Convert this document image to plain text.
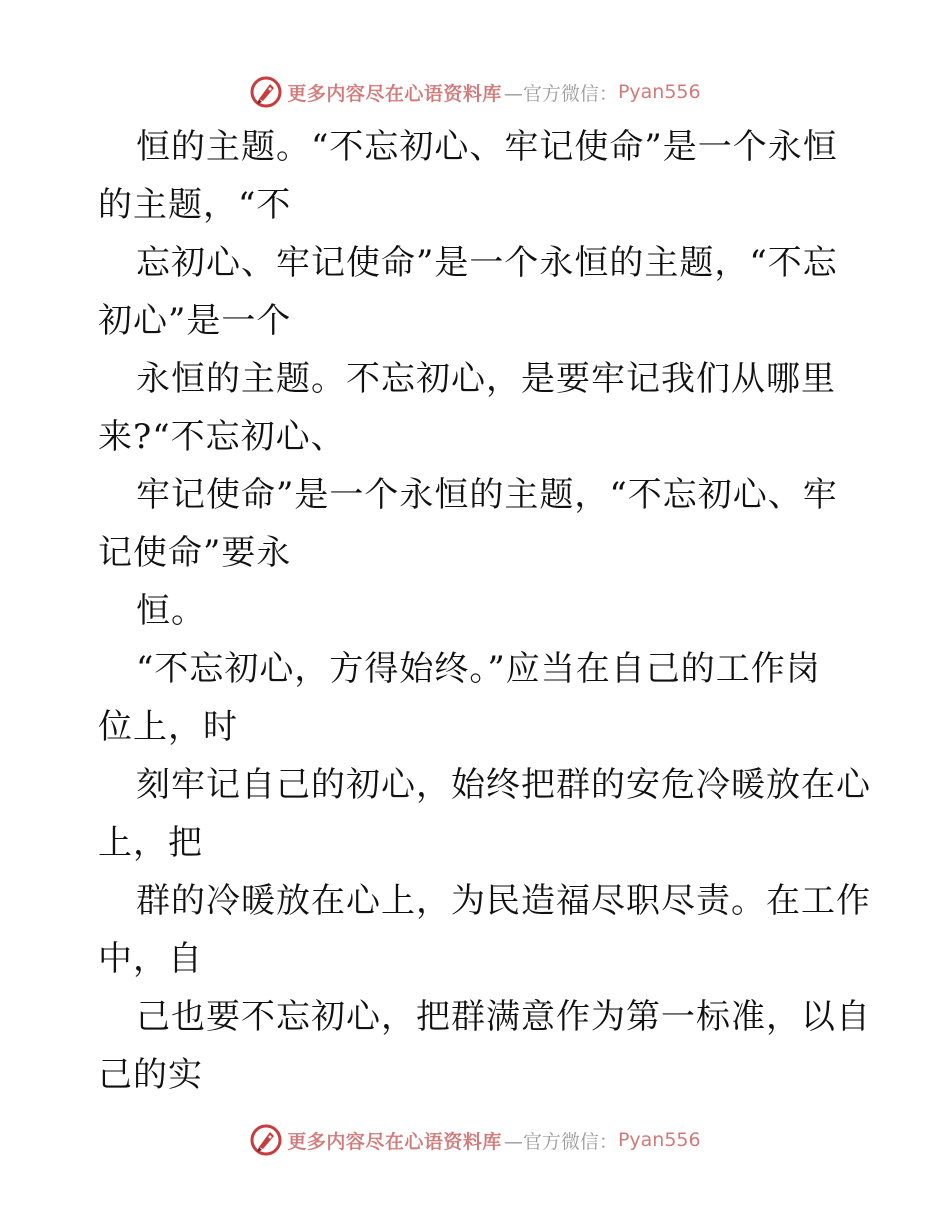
更多内容尽在心语资料库 —官方微信： Pyan556
恒的主题。“不忘初心、牢记使命”是一个永恒
的主题，“不
忘初心、牢记使命”是一个永恒的主题，“不忘
初心”是一个
永恒的主题。不忘初心，是要牢记我们从哪里
来?“不忘初心、
牢记使命”是一个永恒的主题，“不忘初心、牢
记使命”要永
恒。
“不忘初心，方得始终。”应当在自己的工作岗
位上，时
刻牢记自己的初心，始终把群的安危冷暖放在心
上，把
群的冷暖放在心上，为民造福尽职尽责。在工作
中，自
己也要不忘初心，把群满意作为第一标准，以自
己的实
更多内容尽在心语资料库 —官方微信： Pyan556
